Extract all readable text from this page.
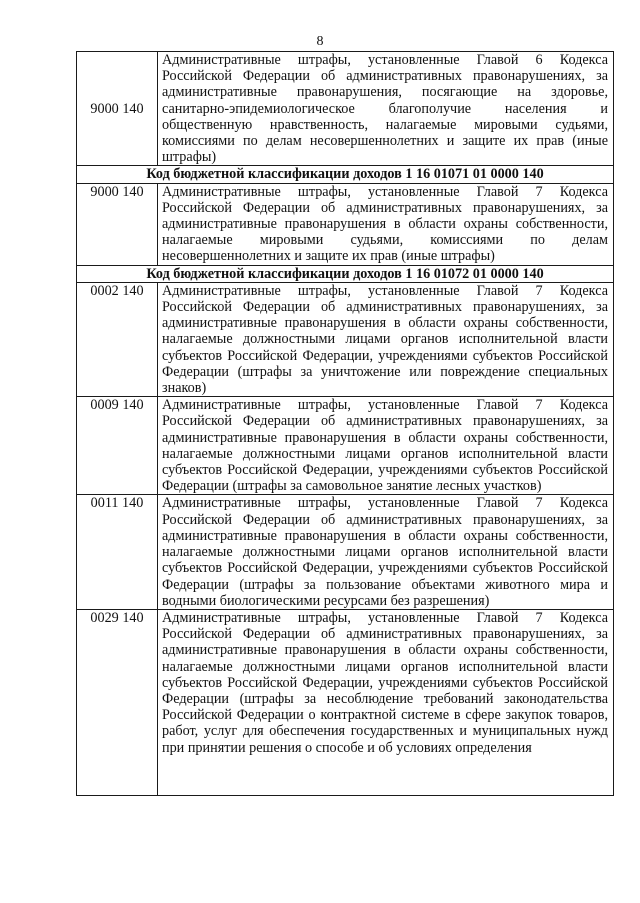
8
9000 140	Административные штрафы, установленные Главой 6 Кодекса Российской Федерации об административных правонарушениях, за административные правонарушения, посягающие на здоровье, санитарно-эпидемиологическое благополучие населения и общественную нравственность, налагаемые мировыми судьями, комиссиями по делам несовершеннолетних и защите их прав (иные штрафы)
Код бюджетной классификации доходов 1 16 01071 01 0000 140	
9000 140	Административные штрафы, установленные Главой 7 Кодекса Российской Федерации об административных правонарушениях, за административные правонарушения в области охраны собственности, налагаемые мировыми судьями, комиссиями по делам несовершеннолетних и защите их прав (иные штрафы)
Код бюджетной классификации доходов 1 16 01072 01 0000 140	
0002 140	Административные штрафы, установленные Главой 7 Кодекса Российской Федерации об административных правонарушениях, за административные правонарушения в области охраны собственности, налагаемые должностными лицами органов исполнительной власти субъектов Российской Федерации, учреждениями субъектов Российской Федерации (штрафы за уничтожение или повреждение специальных знаков)
0009 140	Административные штрафы, установленные Главой 7 Кодекса Российской Федерации об административных правонарушениях, за административные правонарушения в области охраны собственности, налагаемые должностными лицами органов исполнительной власти субъектов Российской Федерации, учреждениями субъектов Российской Федерации (штрафы за самовольное занятие лесных участков)
0011 140	Административные штрафы, установленные Главой 7 Кодекса Российской Федерации об административных правонарушениях, за административные правонарушения в области охраны собственности, налагаемые должностными лицами органов исполнительной власти субъектов Российской Федерации, учреждениями субъектов Российской Федерации (штрафы за пользование объектами животного мира и водными биологическими ресурсами без разрешения)
0029 140	Административные штрафы, установленные Главой 7 Кодекса Российской Федерации об административных правонарушениях, за административные правонарушения в области охраны собственности, налагаемые должностными лицами органов исполнительной власти субъектов Российской Федерации, учреждениями субъектов Российской Федерации (штрафы за несоблюдение требований законодательства Российской Федерации о контрактной системе в сфере закупок товаров, работ, услуг для обеспечения государственных и муниципальных нужд при принятии решения о способе и об условиях определения
